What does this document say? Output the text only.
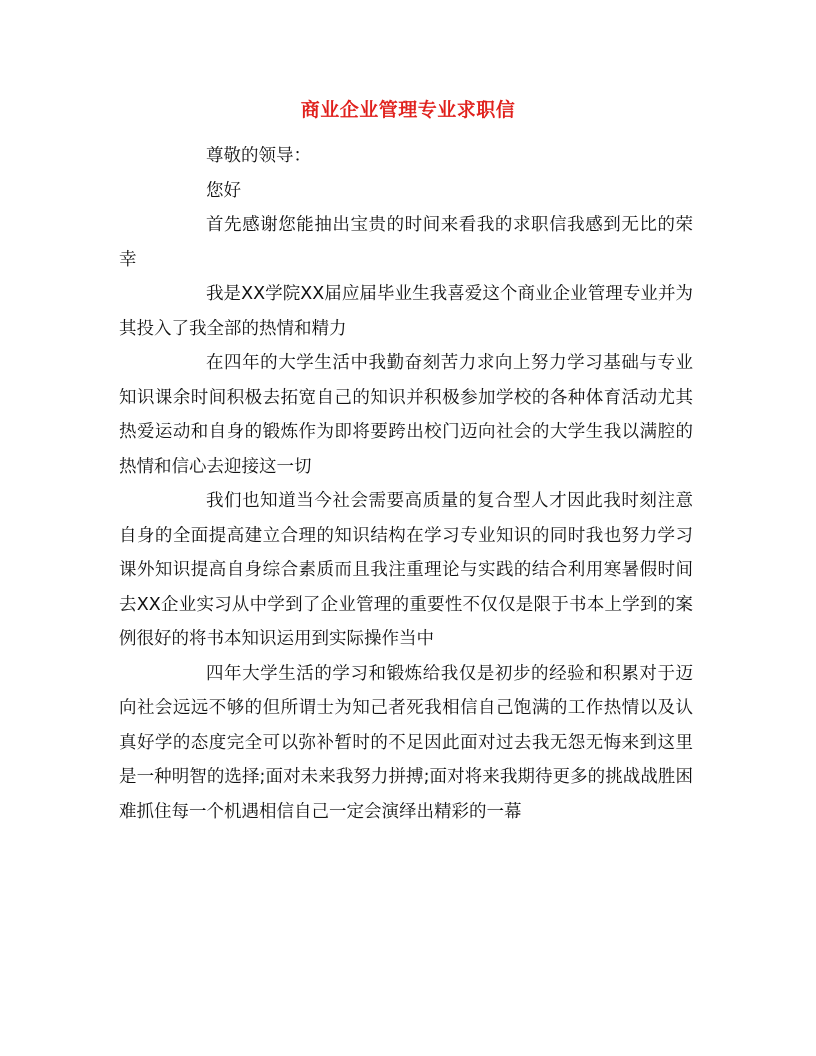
商业企业管理专业求职信

尊敬的领导：

您好

首先感谢您能抽出宝贵的时间来看我的求职信我感到无比的荣幸

我是XX学院XX届应届毕业生我喜爱这个商业企业管理专业并为其投入了我全部的热情和精力

在四年的大学生活中我勤奋刻苦力求向上努力学习基础与专业知识课余时间积极去拓宽自己的知识并积极参加学校的各种体育活动尤其热爱运动和自身的锻炼作为即将要跨出校门迈向社会的大学生我以满腔的热情和信心去迎接这一切

我们也知道当今社会需要高质量的复合型人才因此我时刻注意自身的全面提高建立合理的知识结构在学习专业知识的同时我也努力学习课外知识提高自身综合素质而且我注重理论与实践的结合利用寒暑假时间去XX企业实习从中学到了企业管理的重要性不仅仅是限于书本上学到的案例很好的将书本知识运用到实际操作当中

四年大学生活的学习和锻炼给我仅是初步的经验和积累对于迈向社会远远不够的但所谓士为知己者死我相信自己饱满的工作热情以及认真好学的态度完全可以弥补暂时的不足因此面对过去我无怨无悔来到这里是一种明智的选择;面对未来我努力拼搏;面对将来我期待更多的挑战战胜困难抓住每一个机遇相信自己一定会演绎出精彩的一幕
